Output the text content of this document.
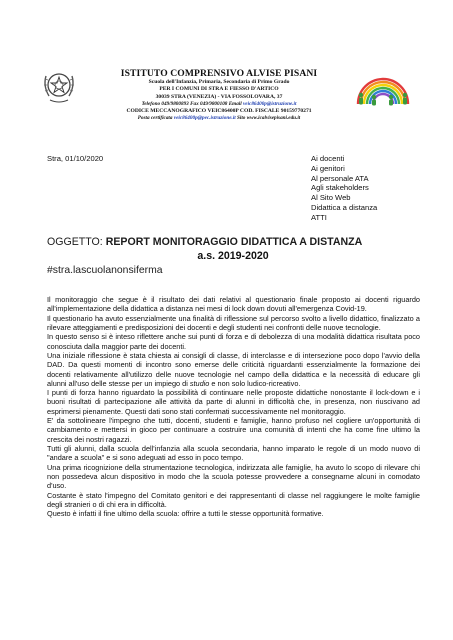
ISTITUTO COMPRENSIVO ALVISE PISANI
Scuola dell'Infanzia, Primaria, Secondaria di Primo Grado
PER I COMUNI DI STRA E FIESSO D'ARTICO
30039 STRA (VENEZIA) - VIA FOSSOLOVARA, 37
Telefono 049/9800893 Fax 049/9800108 Email veic86400p@istruzione.it
CODICE MECCANOGRAFICO VEIC86400P COD. FISCALE 90159770271
Posta certificata veic86400p@pec.istruzione.it Sito www.icalvisepisani.edu.it
Stra, 01/10/2020	Ai docenti
Ai genitori
Al personale ATA
Agli stakeholders
Al Sito Web
Didattica a distanza
ATTI
OGGETTO: REPORT MONITORAGGIO DIDATTICA A DISTANZA
a.s. 2019-2020
#stra.lascuolanonsiferma

Il monitoraggio che segue è il risultato dei dati relativi al questionario finale proposto ai docenti riguardo all'implementazione della didattica a distanza nei mesi di lock down dovuti all'emergenza Covid-19.

Il questionario ha avuto essenzialmente una finalità di riflessione sul percorso svolto a livello didattico, finalizzato a rilevare atteggiamenti e predisposizioni dei docenti e degli studenti nei confronti delle nuove tecnologie.

In questo senso si è inteso riflettere anche sui punti di forza e di debolezza di una modalità didattica risultata poco conosciuta dalla maggior parte dei docenti.

Una iniziale riflessione è stata chiesta ai consigli di classe, di interclasse e di intersezione poco dopo l'avvio della DAD. Da questi momenti di incontro sono emerse delle criticità riguardanti essenzialmente la formazione dei docenti relativamente all'utilizzo delle nuove tecnologie nel campo della didattica e la necessità di educare gli alunni all'uso delle stesse per un impiego di studio e non solo ludico-ricreativo.

I punti di forza hanno riguardato la possibilità di continuare nelle proposte didattiche nonostante il lock-down e i buoni risultati di partecipazione alle attività da parte di alunni in difficoltà che, in presenza, non riuscivano ad esprimersi pienamente. Questi dati sono stati confermati successivamente nel monitoraggio.

E' da sottolineare l'impegno che tutti, docenti, studenti e famiglie, hanno profuso nel cogliere un'opportunità di cambiamento e mettersi in gioco per continuare a costruire una comunità di intenti che ha come fine ultimo la crescita dei nostri ragazzi.

Tutti gli alunni, dalla scuola dell'infanzia alla scuola secondaria, hanno imparato le regole di un modo nuovo di "andare a scuola" e si sono adeguati ad esso in poco tempo.

Una prima ricognizione della strumentazione tecnologica, indirizzata alle famiglie, ha avuto lo scopo di rilevare chi non possedeva alcun dispositivo in modo che la scuola potesse provvedere a consegnarne alcuni in comodato d'uso.

Costante è stato l'impegno del Comitato genitori e dei rappresentanti di classe nel raggiungere le molte famiglie degli stranieri o di chi era in difficoltà.

Questo è infatti il fine ultimo della scuola: offrire a tutti le stesse opportunità formative.
